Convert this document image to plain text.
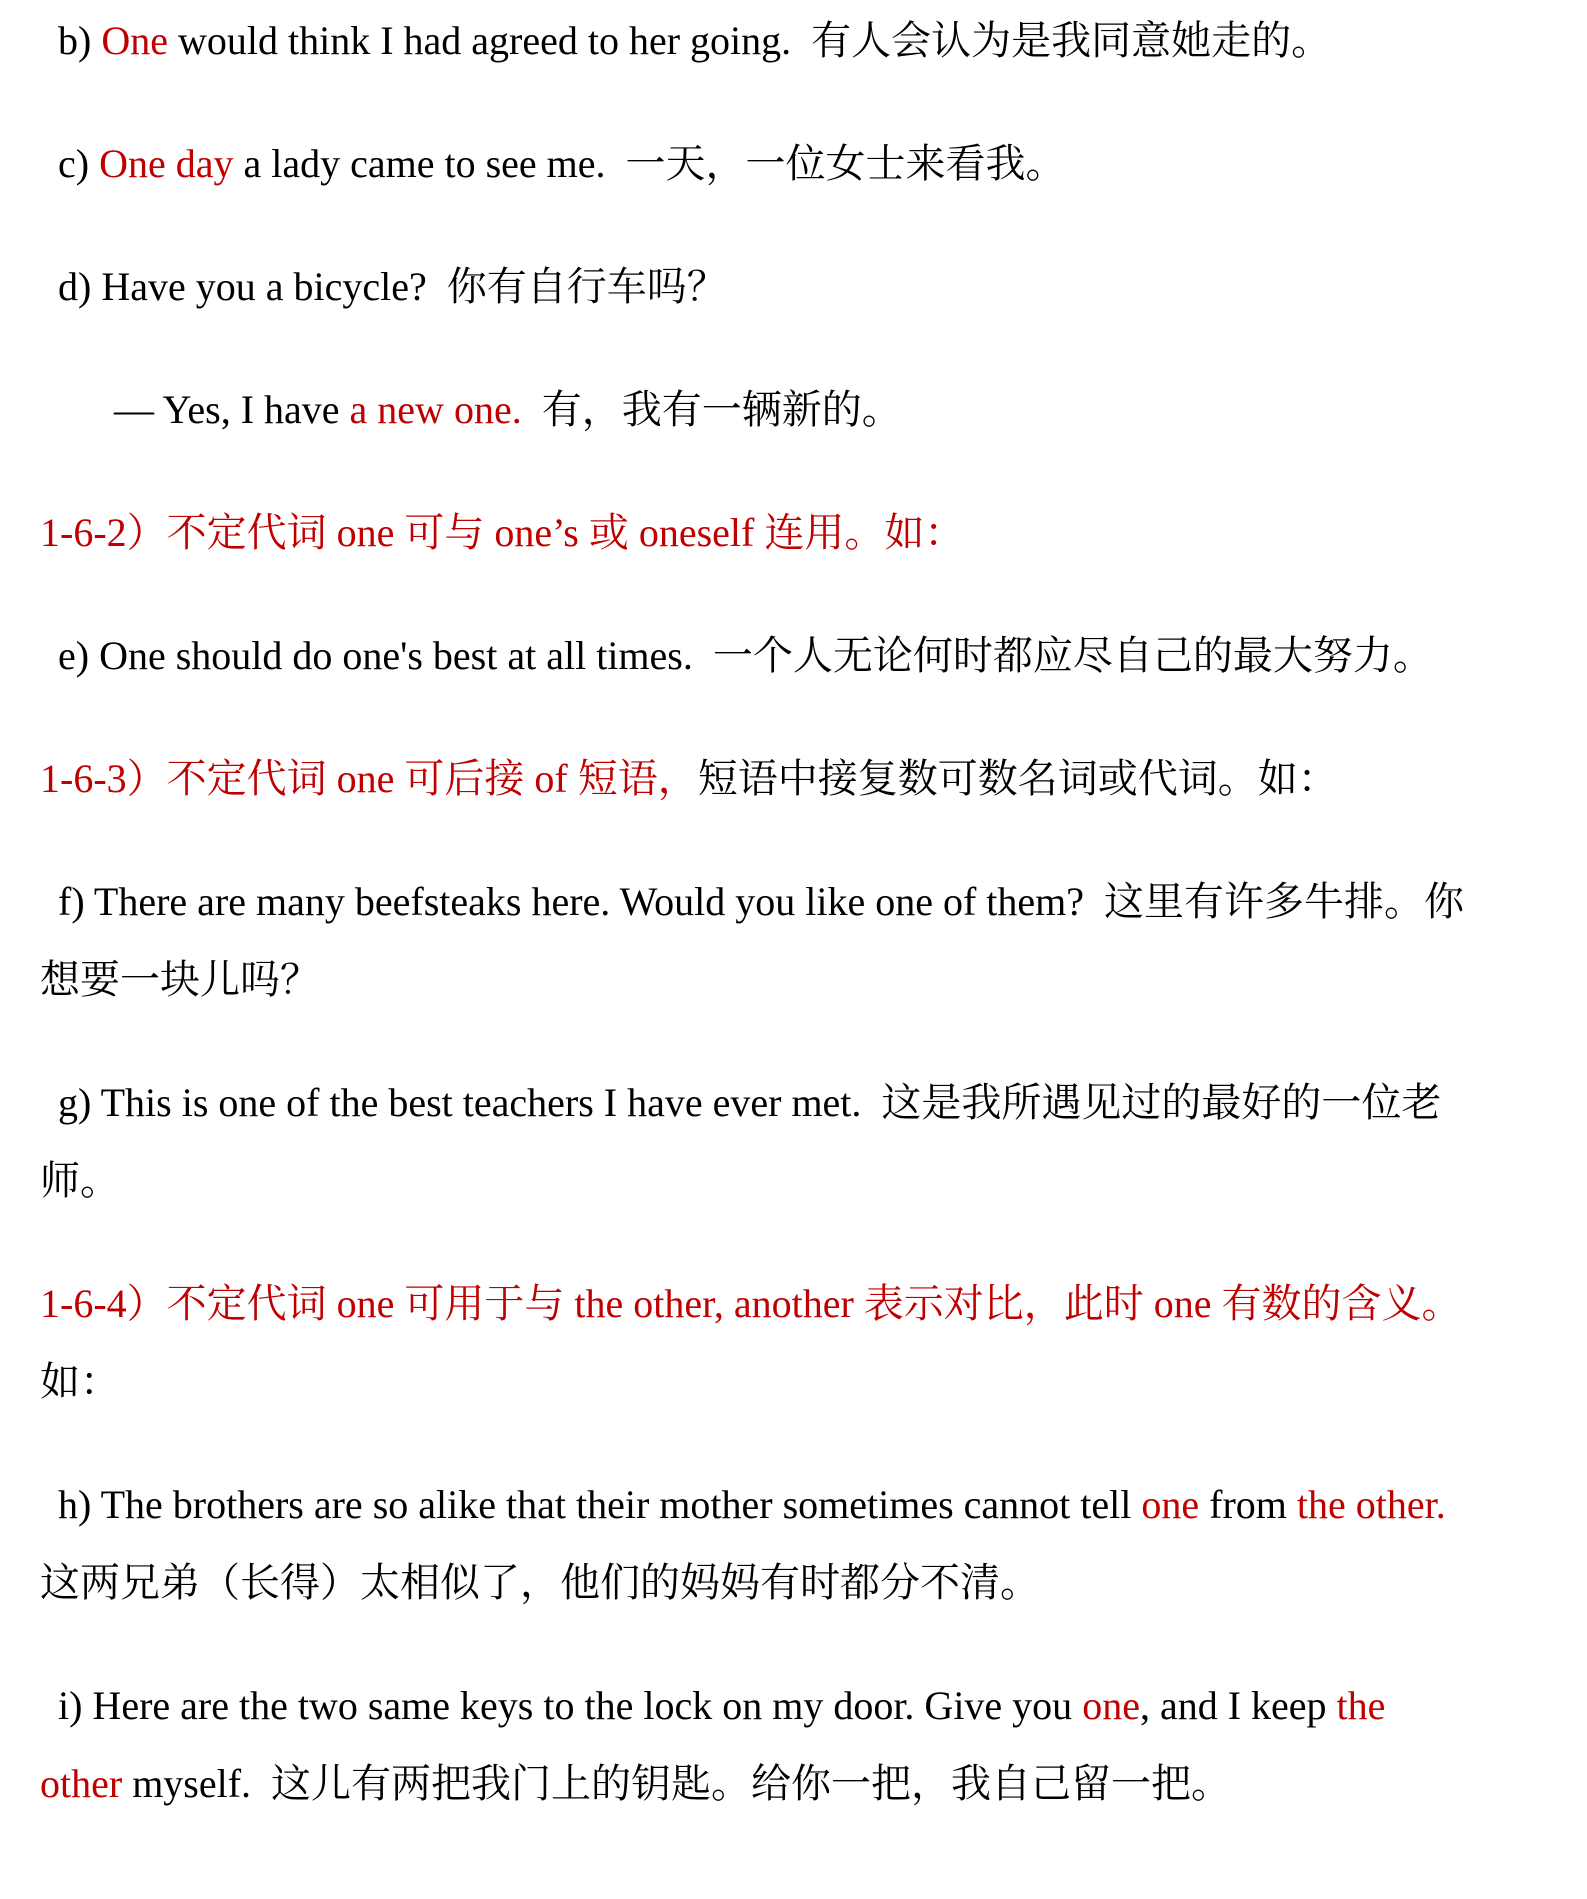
b) One would think I had agreed to her going.  有人会认为是我同意她走的。

c) One day a lady came to see me.  一天，一位女士来看我。

d) Have you a bicycle?  你有自行车吗？

— Yes, I have a new one.  有，我有一辆新的。

1-6-2）不定代词 one 可与 one’s 或 oneself 连用。如：

e) One should do one's best at all times.  一个人无论何时都应尽自己的最大努力。

1-6-3）不定代词 one 可后接 of 短语，短语中接复数可数名词或代词。如：

f) There are many beefsteaks here. Would you like one of them?  这里有许多牛排。你想要一块儿吗？

g) This is one of the best teachers I have ever met.  这是我所遇见过的最好的一位老师。

1-6-4）不定代词 one 可用于与 the other, another 表示对比，此时 one 有数的含义。如：

h) The brothers are so alike that their mother sometimes cannot tell one from the other.  这两兄弟（长得）太相似了，他们的妈妈有时都分不清。

i) Here are the two same keys to the lock on my door. Give you one, and I keep the other myself.  这儿有两把我门上的钥匙。给你一把，我自己留一把。
